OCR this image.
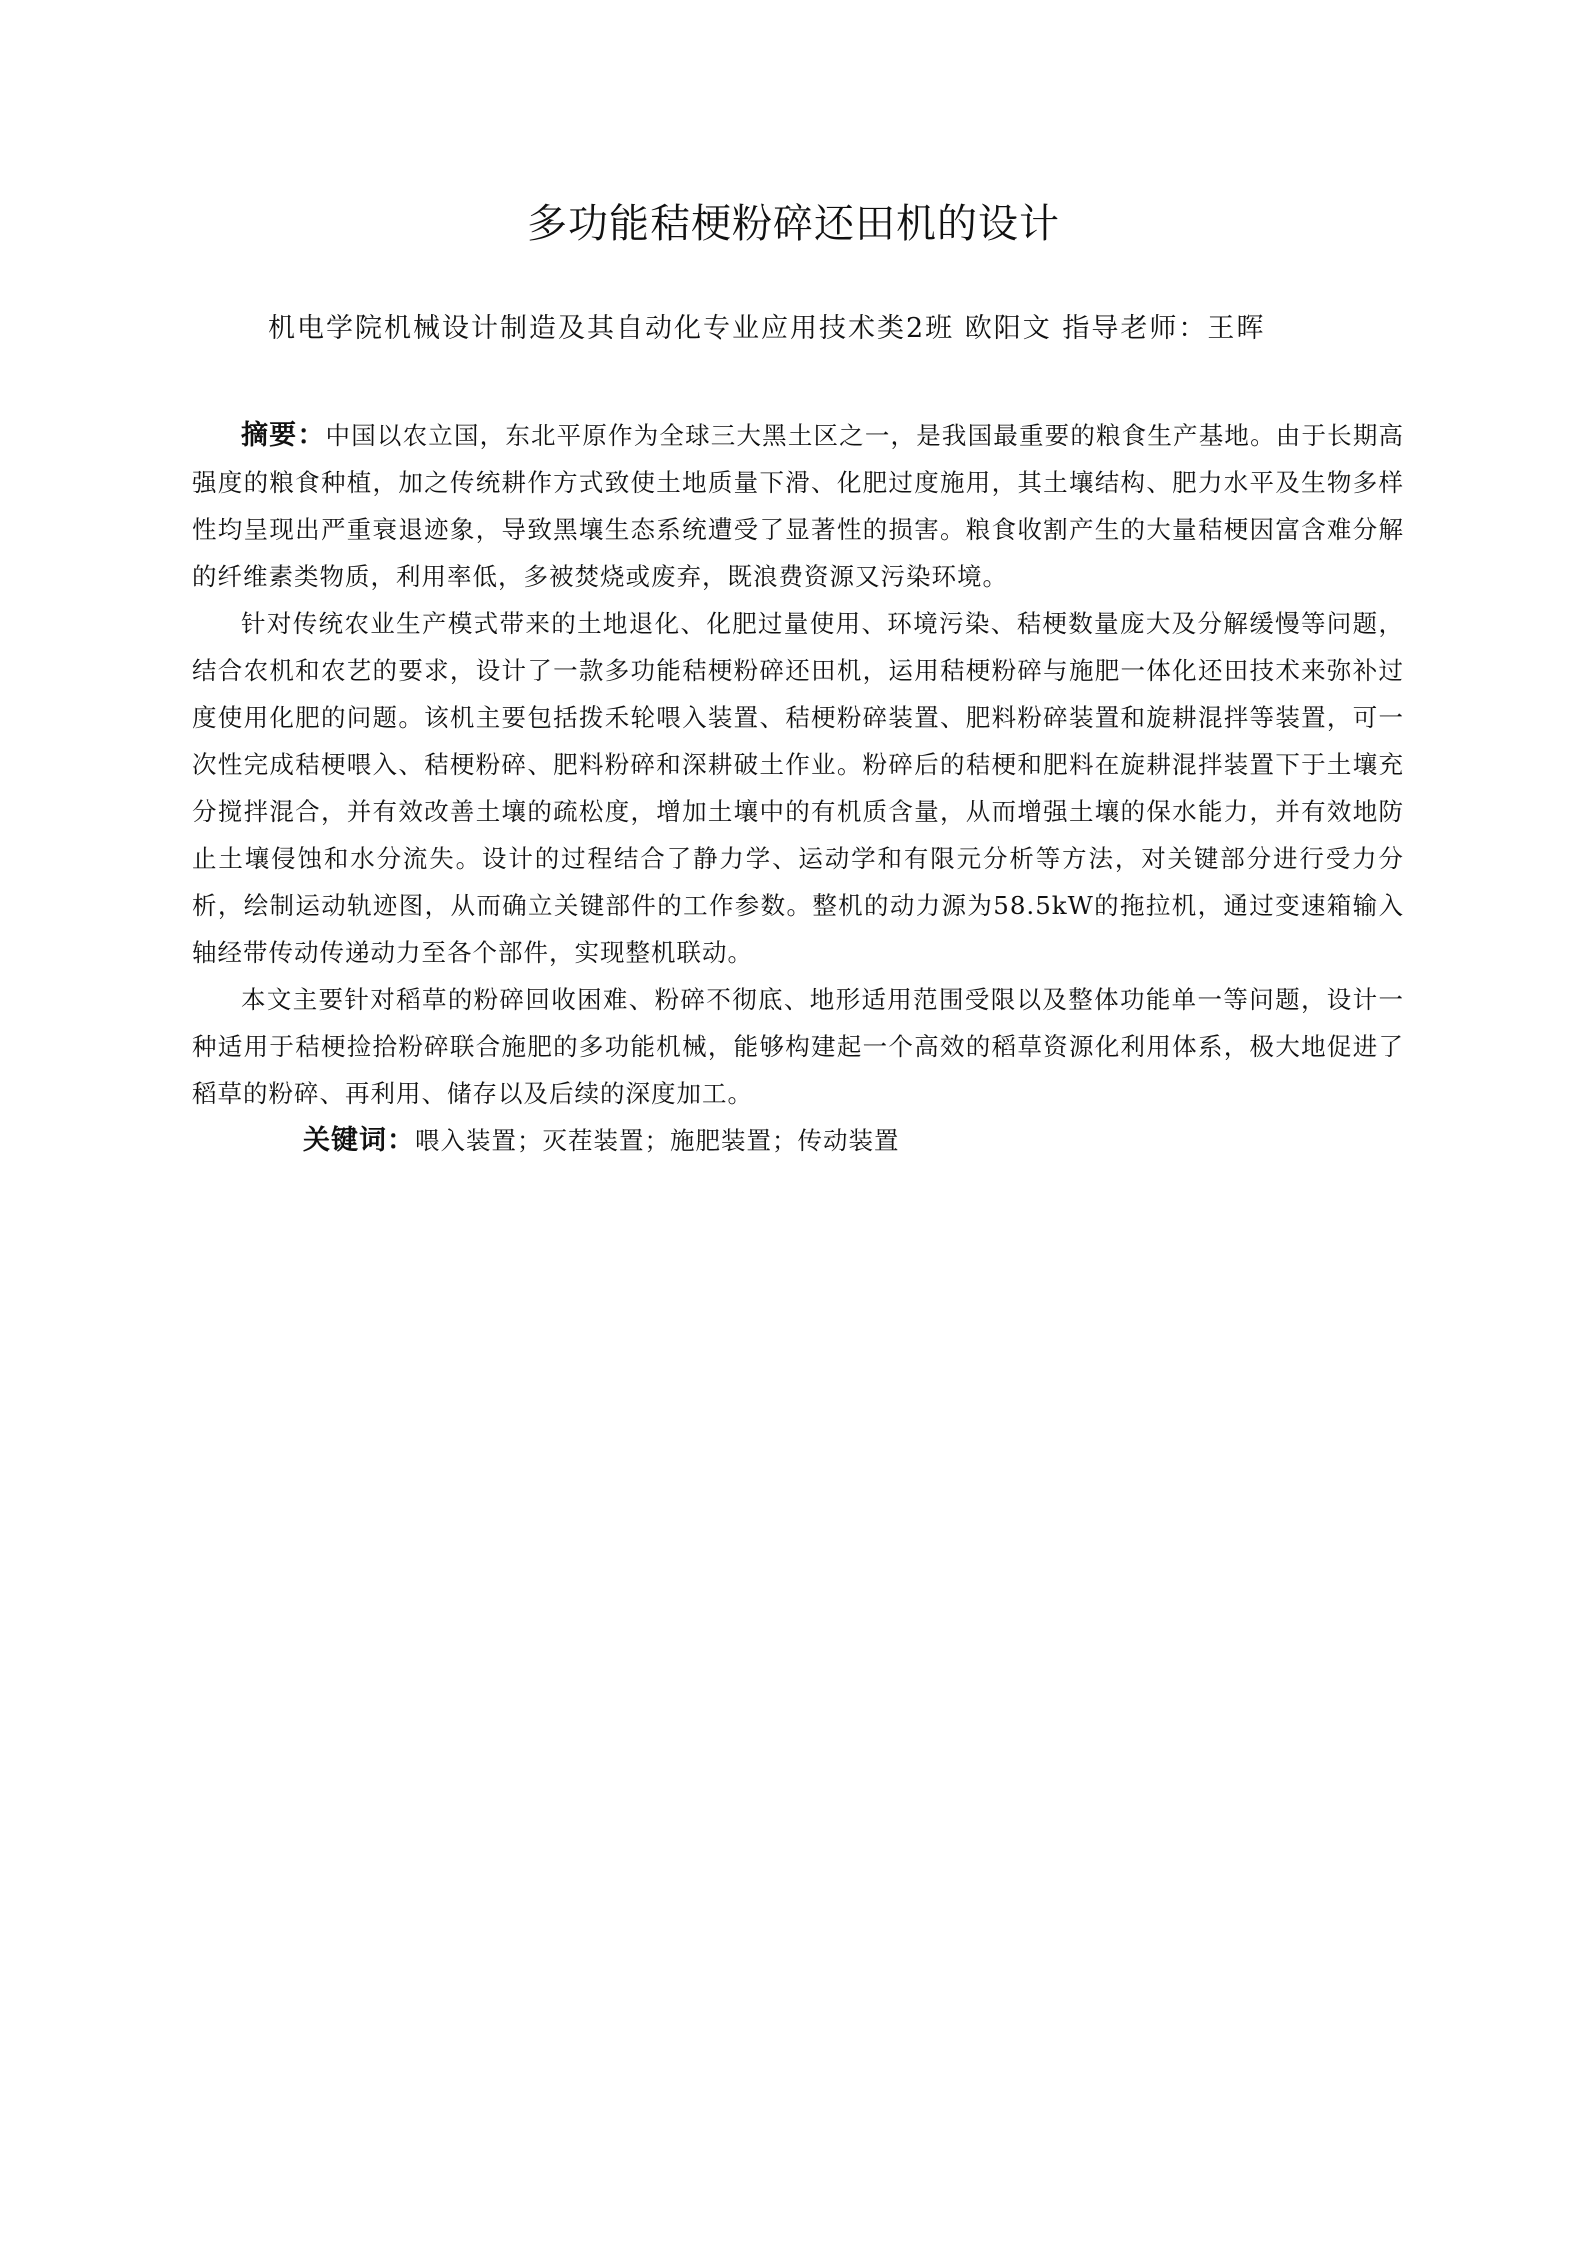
多功能秸梗粉碎还田机的设计
机电学院机械设计制造及其自动化专业应用技术类2班 欧阳文 指导老师：王晖

摘要：中国以农立国，东北平原作为全球三大黑土区之一，是我国最重要的粮食生产基地。由于长期高强度的粮食种植，加之传统耕作方式致使土地质量下滑、化肥过度施用，其土壤结构、肥力水平及生物多样性均呈现出严重衰退迹象，导致黑壤生态系统遭受了显著性的损害。粮食收割产生的大量秸梗因富含难分解的纤维素类物质，利用率低，多被焚烧或废弃，既浪费资源又污染环境。

针对传统农业生产模式带来的土地退化、化肥过量使用、环境污染、秸梗数量庞大及分解缓慢等问题，结合农机和农艺的要求，设计了一款多功能秸梗粉碎还田机，运用秸梗粉碎与施肥一体化还田技术来弥补过度使用化肥的问题。该机主要包括拨禾轮喂入装置、秸梗粉碎装置、肥料粉碎装置和旋耕混拌等装置，可一次性完成秸梗喂入、秸梗粉碎、肥料粉碎和深耕破土作业。粉碎后的秸梗和肥料在旋耕混拌装置下于土壤充分搅拌混合，并有效改善土壤的疏松度，增加土壤中的有机质含量，从而增强土壤的保水能力，并有效地防止土壤侵蚀和水分流失。设计的过程结合了静力学、运动学和有限元分析等方法，对关键部分进行受力分析，绘制运动轨迹图，从而确立关键部件的工作参数。整机的动力源为58.5kW的拖拉机，通过变速箱输入轴经带传动传递动力至各个部件，实现整机联动。

本文主要针对稻草的粉碎回收困难、粉碎不彻底、地形适用范围受限以及整体功能单一等问题，设计一种适用于秸梗捡拾粉碎联合施肥的多功能机械，能够构建起一个高效的稻草资源化利用体系，极大地促进了稻草的粉碎、再利用、储存以及后续的深度加工。

关键词：喂入装置；灭茬装置；施肥装置；传动装置
